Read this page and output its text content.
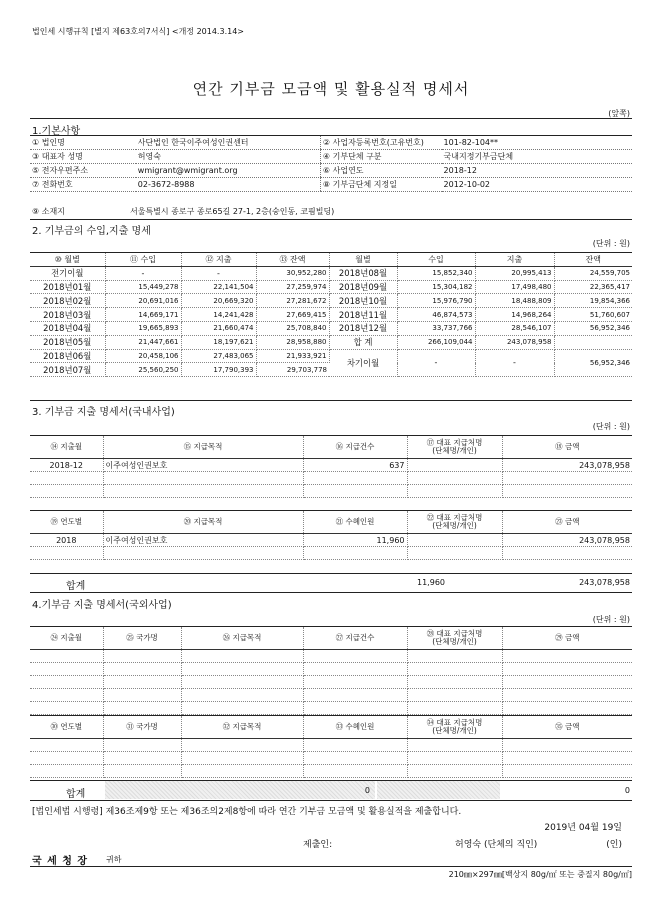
법인세 시행규칙 [별지 제63호의7서식] <개정 2014.3.14>
연간 기부금 모금액 및 활용실적 명세서
(앞쪽)
1.기본사항
① 법인명	사단법인 한국이주여성인권센터	② 사업자등록번호(고유번호)	101-82-104**
③ 대표자 성명	허영숙	④ 기부단체 구분	국내지정기부금단체
⑤ 전자우편주소	wmigrant@wmigrant.org	⑥ 사업연도	2018-12
⑦ 전화번호	02-3672-8988	⑧ 기부금단체 지정일	2012-10-02
⑨ 소재지	서울특별시 종로구 종로65길 27-1, 2층(숭인동, 코핌빌딩)
2. 기부금의 수입,지출 명세
(단위 : 원)
⑩ 월별	⑪ 수입	⑫ 지출	⑬ 잔액	월별	수입	지출	잔액
전기이월	-	-	30,952,280	2018년08월	15,852,340	20,995,413	24,559,705
2018년01월	15,449,278	22,141,504	27,259,974	2018년09월	15,304,182	17,498,480	22,365,417
2018년02월	20,691,016	20,669,320	27,281,672	2018년10월	15,976,790	18,488,809	19,854,366
2018년03월	14,669,171	14,241,428	27,669,415	2018년11월	46,874,573	14,968,264	51,760,607
2018년04월	19,665,893	21,660,474	25,708,840	2018년12월	33,737,766	28,546,107	56,952,346
2018년05월	21,447,661	18,197,621	28,958,880	합 계	266,109,044	243,078,958	
2018년06월	20,458,106	27,483,065	21,933,921	차기이월	-	-	56,952,346
2018년07월	25,560,250	17,790,393	29,703,778				
3. 기부금 지출 명세서(국내사업)
(단위 : 원)
⑭ 지출월	⑮ 지급목적	⑯ 지급건수	⑰ 대표 지급처명
(단체명/개인)	⑱ 금액
2018-12	이주여성인권보호	637		243,078,958

⑲ 연도별	⑳ 지급목적	㉑ 수혜인원	㉒ 대표 지급처명
(단체명/개인)	㉓ 금액
2018	이주여성인권보호	11,960		243,078,958

합계	11,960	243,078,958
4.기부금 지출 명세서(국외사업)
(단위 : 원)
㉔ 지출월	㉕ 국가명	㉖ 지급목적	㉗ 지급건수	㉘ 대표 지급처명
(단체명/개인)	㉙ 금액

㉚ 연도별	㉛ 국가명	㉜ 지급목적	㉝ 수혜인원	㉞ 대표 지급처명
(단체명/개인)	㉟ 금액

합계	0	0
[법인세법 시행령] 제36조제9항 또는 제36조의2제8항에 따라 연간 기부금 모금액 및 활용실적을 제출합니다.
2019년 04월 19일
제출인:	허영숙 (단체의 직인)	(인)
국 세 청 장 귀하
210㎜×297㎜[백상지 80g/㎡ 또는 중질지 80g/㎡]
